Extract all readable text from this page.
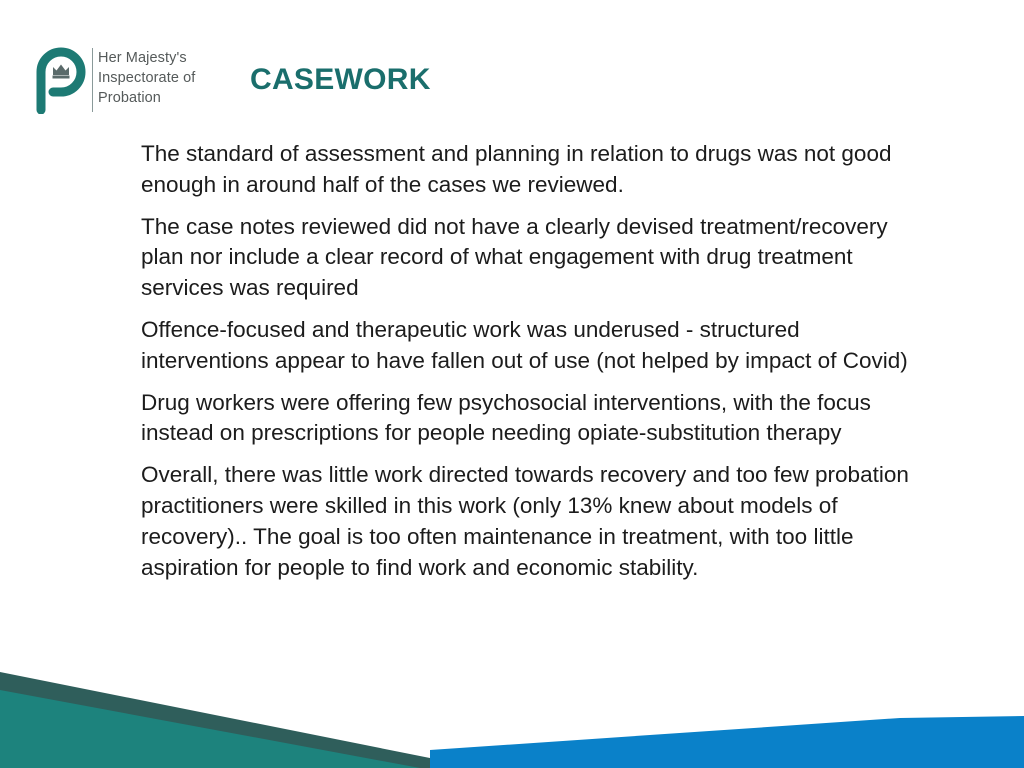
Her Majesty's
Inspectorate of
Probation
CASEWORK

The standard of assessment and planning in relation to drugs was not good enough in around half of the cases we reviewed.

The case notes reviewed did not have a clearly devised treatment/recovery plan nor include a clear record of what engagement with drug treatment services was required

Offence-focused and therapeutic work was underused - structured interventions appear to have fallen out of use (not helped by impact of Covid)

Drug workers were offering few psychosocial interventions, with the focus instead on prescriptions for people needing opiate-substitution therapy

Overall, there was little work directed towards recovery and too few probation practitioners were skilled in this work (only 13% knew about models of recovery).. The goal is too often maintenance in treatment, with too little aspiration for people to find work and economic stability.
